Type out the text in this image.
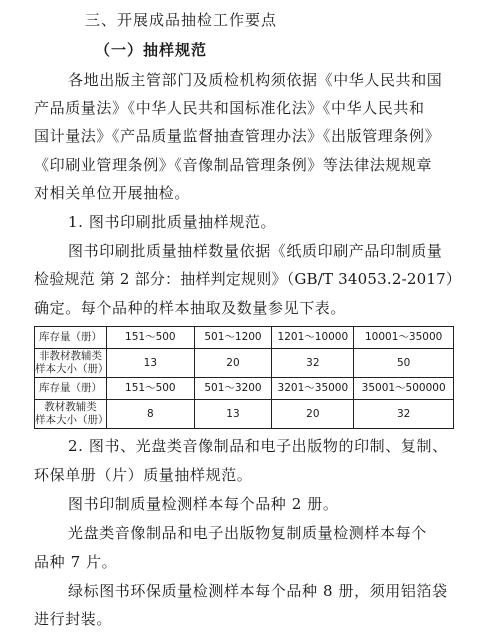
三、开展成品抽检工作要点
（一）抽样规范
各地出版主管部门及质检机构须依据《中华人民共和国
产品质量法》《中华人民共和国标准化法》《中华人民共和
国计量法》《产品质量监督抽查管理办法》《出版管理条例》
《印刷业管理条例》《音像制品管理条例》等法律法规规章
对相关单位开展抽检。
1. 图书印刷批质量抽样规范。
图书印刷批质量抽样数量依据《纸质印刷产品印制质量
检验规范 第 2 部分：抽样判定规则》（GB/T 34053.2-2017）
确定。每个品种的样本抽取及数量参见下表。
库存量（册）	151～500	501～1200	1201～10000	10001～35000
非教材教辅类
样本大小（册）	13	20	32	50
库存量（册）	151～500	501～3200	3201～35000	35001～500000
教材教辅类
样本大小（册）	8	13	20	32
2. 图书、光盘类音像制品和电子出版物的印制、复制、
环保单册（片）质量抽样规范。
图书印制质量检测样本每个品种 2 册。
光盘类音像制品和电子出版物复制质量检测样本每个
品种 7 片。
绿标图书环保质量检测样本每个品种 8 册，须用铝箔袋
进行封装。
